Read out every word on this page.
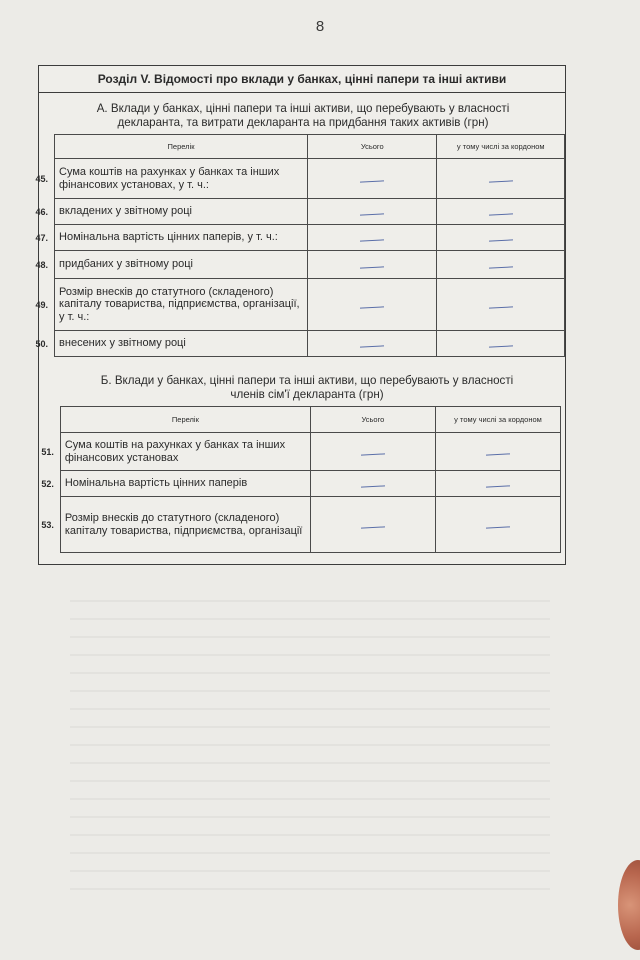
8
Розділ V. Відомості про вклади у банках, цінні папери та інші активи
А. Вклади у банках, цінні папери та інші активи, що перебувають у власності
декларанта, та витрати декларанта на придбання таких активів (грн)
	Перелік	Усього	у тому числі за кордоном
45.	Сума коштів на рахунках у банках та інших фінансових установах, у т. ч.:		
46.	вкладених у звітному році		
47.	Номінальна вартість цінних паперів, у т. ч.:		
48.	придбаних у звітному році		
49.	Розмір внесків до статутного (складеного) капіталу товариства, підприємства, організації, у т. ч.:		
50.	внесених у звітному році		
Б. Вклади у банках, цінні папери та інші активи, що перебувають у власності
членів сім'ї декларанта (грн)
	Перелік	Усього	у тому числі за кордоном
51.	Сума коштів на рахунках у банках та інших фінансових установах		
52.	Номінальна вартість цінних паперів		
53.	Розмір внесків до статутного (складеного) капіталу товариства, підприємства, організації		
